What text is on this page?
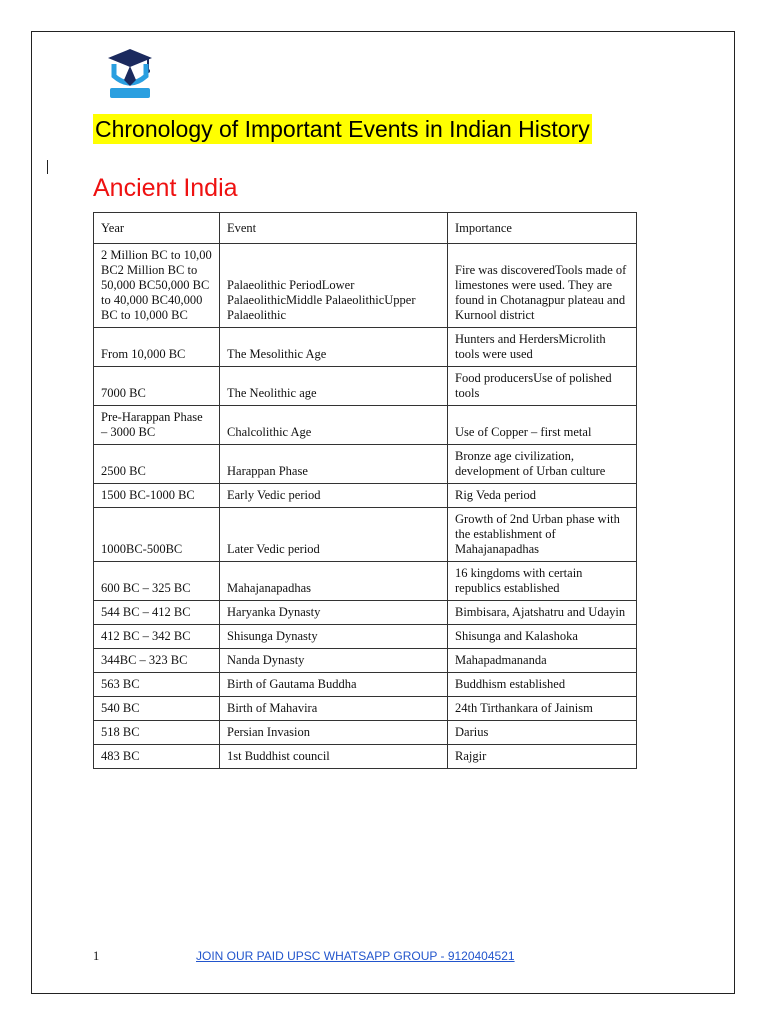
Chronology of Important Events in Indian History
Ancient India
Year	Event	Importance
2 Million BC to 10,00 BC2 Million BC to 50,000 BC50,000 BC to 40,000 BC40,000 BC to 10,000 BC	Palaeolithic PeriodLower PalaeolithicMiddle PalaeolithicUpper Palaeolithic	Fire was discoveredTools made of limestones were used. They are found in Chotanagpur plateau and Kurnool district
From 10,000 BC	The Mesolithic Age	Hunters and HerdersMicrolith tools were used
7000 BC	The Neolithic age	Food producersUse of polished tools
Pre-Harappan Phase – 3000 BC	Chalcolithic Age	Use of Copper – first metal
2500 BC	Harappan Phase	Bronze age civilization, development of Urban culture
1500 BC-1000 BC	Early Vedic period	Rig Veda period
1000BC-500BC	Later Vedic period	Growth of 2nd Urban phase with the establishment of Mahajanapadhas
600 BC – 325 BC	Mahajanapadhas	16 kingdoms with certain republics established
544 BC – 412 BC	Haryanka Dynasty	Bimbisara, Ajatshatru and Udayin
412 BC – 342 BC	Shisunga Dynasty	Shisunga and Kalashoka
344BC – 323 BC	Nanda Dynasty	Mahapadmananda
563 BC	Birth of Gautama Buddha	Buddhism established
540 BC	Birth of Mahavira	24th Tirthankara of Jainism
518 BC	Persian Invasion	Darius
483 BC	1st Buddhist council	Rajgir
1	JOIN OUR PAID UPSC WHATSAPP GROUP - 9120404521
